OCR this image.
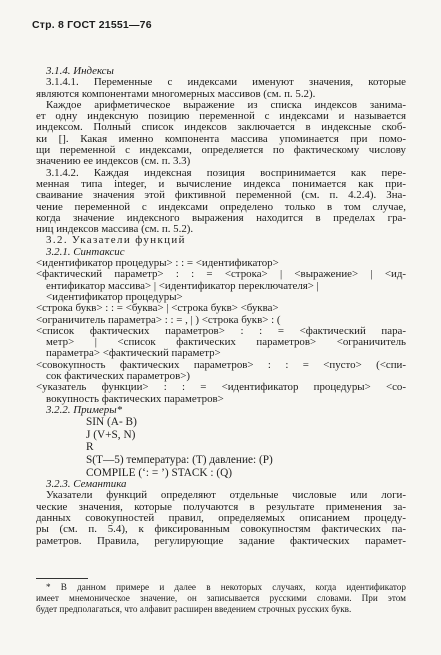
Стр. 8 ГОСТ 21551—76
3.1.4. Индексы
3.1.4.1. Переменные с индексами именуют значения, которые
являются компонентами многомерных массивов (см. п. 5.2).
Каждое арифметическое выражение из списка индексов занима-
ет одну индексную позицию переменной с индексами и называется
индексом. Полный список индексов заключается в индексные скоб-
ки []. Какая именно компонента массива упоминается при помо-
щи переменной с индексами, определяется по фактическому числову
значению ее индексов (см. п. 3.3)
3.1.4.2. Каждая индексная позиция воспринимается как пере-
менная типа integer, и вычисление индекса понимается как при-
сваивание значения этой фиктивной переменной (см. п. 4.2.4). Зна-
чение переменной с индексами определено только в том случае,
когда значение индексного выражения находится в пределах гра-
ниц индексов массива (см. п. 5.2).
3.2. Указатели функций
3.2.1. Синтаксис
<идентификатор процедуры> : : = <идентификатор>
<фактический параметр> : : = <строка> | <выражение> | <ид-
ентификатор массива> | <идентификатор переключателя> |
<идентификатор процедуры>
<строка букв> : : = <буква> | <строка букв> <буква>
<ограничитель параметра> : : = , | ) <строка букв> : (
<список фактических параметров> : : = <фактический пара-
метр> | <список фактических параметров> <ограничитель
параметра> <фактический параметр>
<совокупность фактических параметров> : : = <пусто> (<спи-
сок фактических параметров>)
<указатель функции> : : = <идентификатор процедуры> <со-
вокупность фактических параметров>
3.2.2. Примеры*
SIN (A- B)
J (V+S, N)
R
S(T—5) температура: (T) давление: (P)
COMPILE (‘: = ’) STACK : (Q)
3.2.3. Семантика
Указатели функций определяют отдельные числовые или логи-
ческие значения, которые получаются в результате применения за-
данных совокупностей правил, определяемых описанием процеду-
ры (см. п. 5.4), к фиксированным совокупностям фактических па-
раметров. Правила, регулирующие задание фактических парамет-
* В данном примере и далее в некоторых случаях, когда идентификатор
имеет мнемоническое значение, он записывается русскими словами. При этом
будет предполагаться, что алфавит расширен введением строчных русских букв.
